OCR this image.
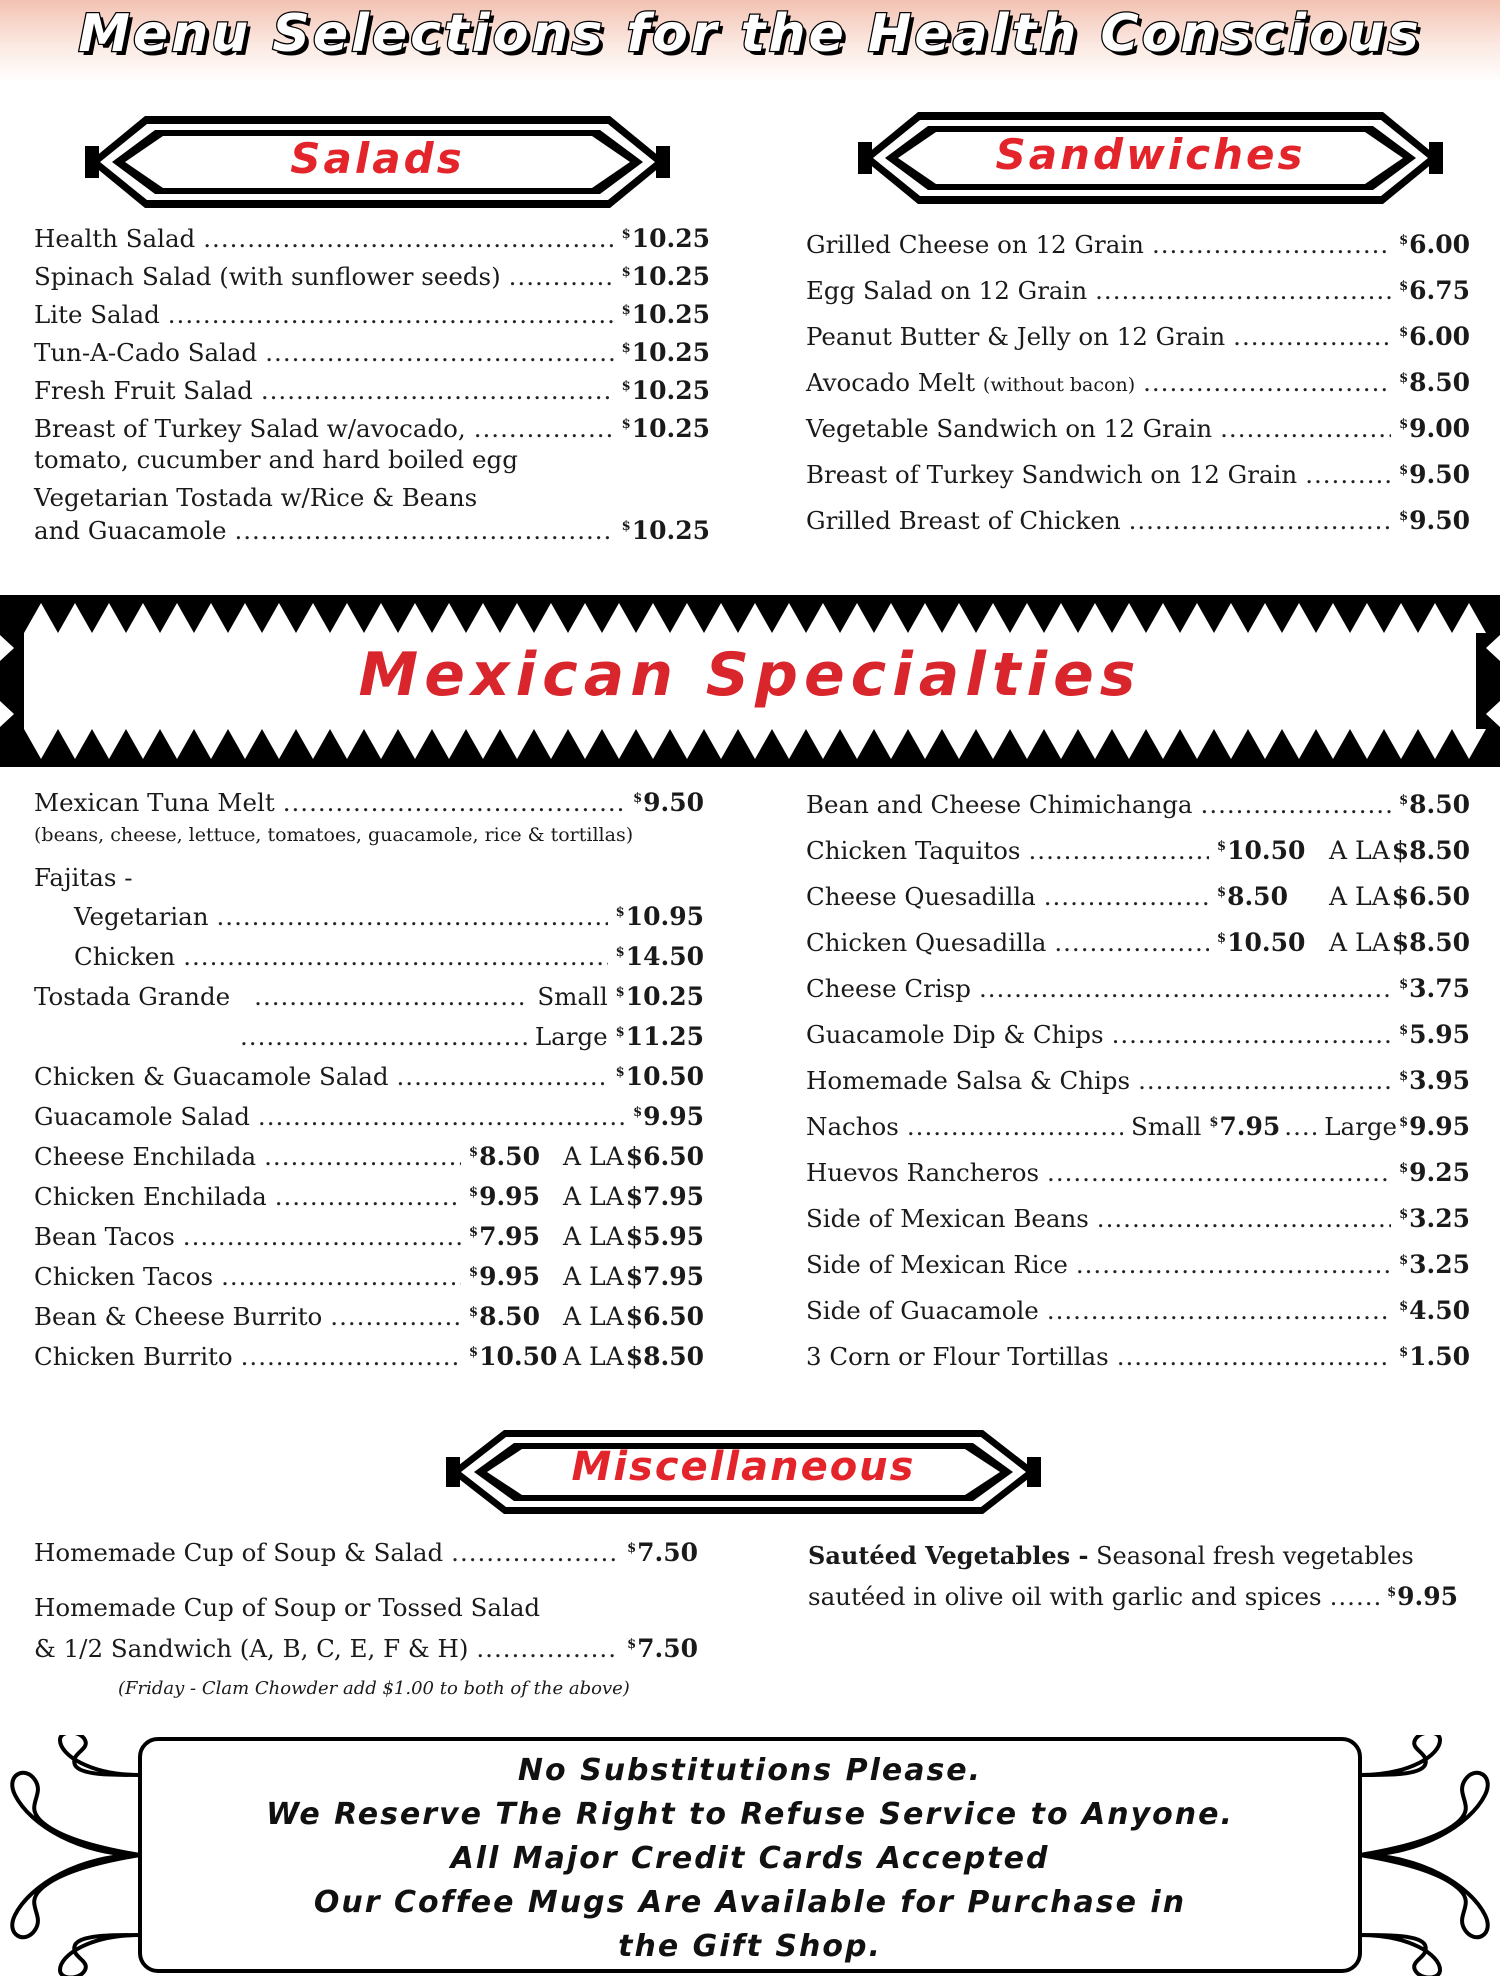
Menu Selections for the Health Conscious
Salads	Sandwiches
Health Salad .....	$10.25
Spinach Salad (with sunflower seeds) .....	$10.25
Lite Salad .....	$10.25
Tun-A-Cado Salad .....	$10.25
Fresh Fruit Salad .....	$10.25
Breast of Turkey Salad w/avocado, .....	$10.25
tomato, cucumber and hard boiled egg
Vegetarian Tostada w/Rice & Beans
and Guacamole .....	$10.25
Grilled Cheese on 12 Grain .....	$6.00
Egg Salad on 12 Grain .....	$6.75
Peanut Butter & Jelly on 12 Grain .....	$6.00
Avocado Melt
(without bacon) .....	$8.50
Vegetable Sandwich on 12 Grain .....	$9.00
Breast of Turkey Sandwich on 12 Grain .....	$9.50
Grilled Breast of Chicken .....	$9.50
Mexican Specialties
Mexican Tuna Melt .....	$9.50
(beans, cheese, lettuce, tomatoes, guacamole, rice & tortillas)
Fajitas -
Vegetarian .....	$10.95
Chicken .....	$14.50
Tostada Grande .....	Small $10.25
.....
Large $11.25
Chicken & Guacamole Salad .....	$10.50
Guacamole Salad .....	$9.95
Cheese Enchilada .....	$8.50 A LA $6.50
Chicken Enchilada .....	$9.95 A LA $7.95
Bean Tacos .....	$7.95 A LA $5.95
Chicken Tacos .....	$9.95 A LA $7.95
Bean & Cheese Burrito .....	$8.50 A LA $6.50
Chicken Burrito .....	$10.50 A LA $8.50
Bean and Cheese Chimichanga .....	$8.50
Chicken Taquitos .....	$10.50 A LA $8.50
Cheese Quesadilla .....	$8.50	A LA $6.50
Chicken Quesadilla .....	$10.50 A LA $8.50
Cheese Crisp .....	$3.75
Guacamole Dip & Chips .....	$5.95
Homemade Salsa & Chips .....	$3.95
Nachos .....	Small $7.95 ..... Large $9.95
Huevos Rancheros .....	$9.25
Side of Mexican Beans .....	$3.25
Side of Mexican Rice .....	$3.25
Side of Guacamole .....	$4.50
3 Corn or Flour Tortillas .....	$1.50
Miscellaneous
Homemade Cup of Soup & Salad .....	$7.50
Homemade Cup of Soup or Tossed Salad
& 1/2 Sandwich (A, B, C, E, F & H) .....	$7.50
(Friday - Clam Chowder add $1.00 to both of the above)
Sautéed Vegetables - Seasonal fresh vegetables
sautéed in olive oil with garlic and spices .....	$9.95
No Substitutions Please.
We Reserve The Right to Refuse Service to Anyone.
All Major Credit Cards Accepted
Our Coffee Mugs Are Available for Purchase in
the Gift Shop.
